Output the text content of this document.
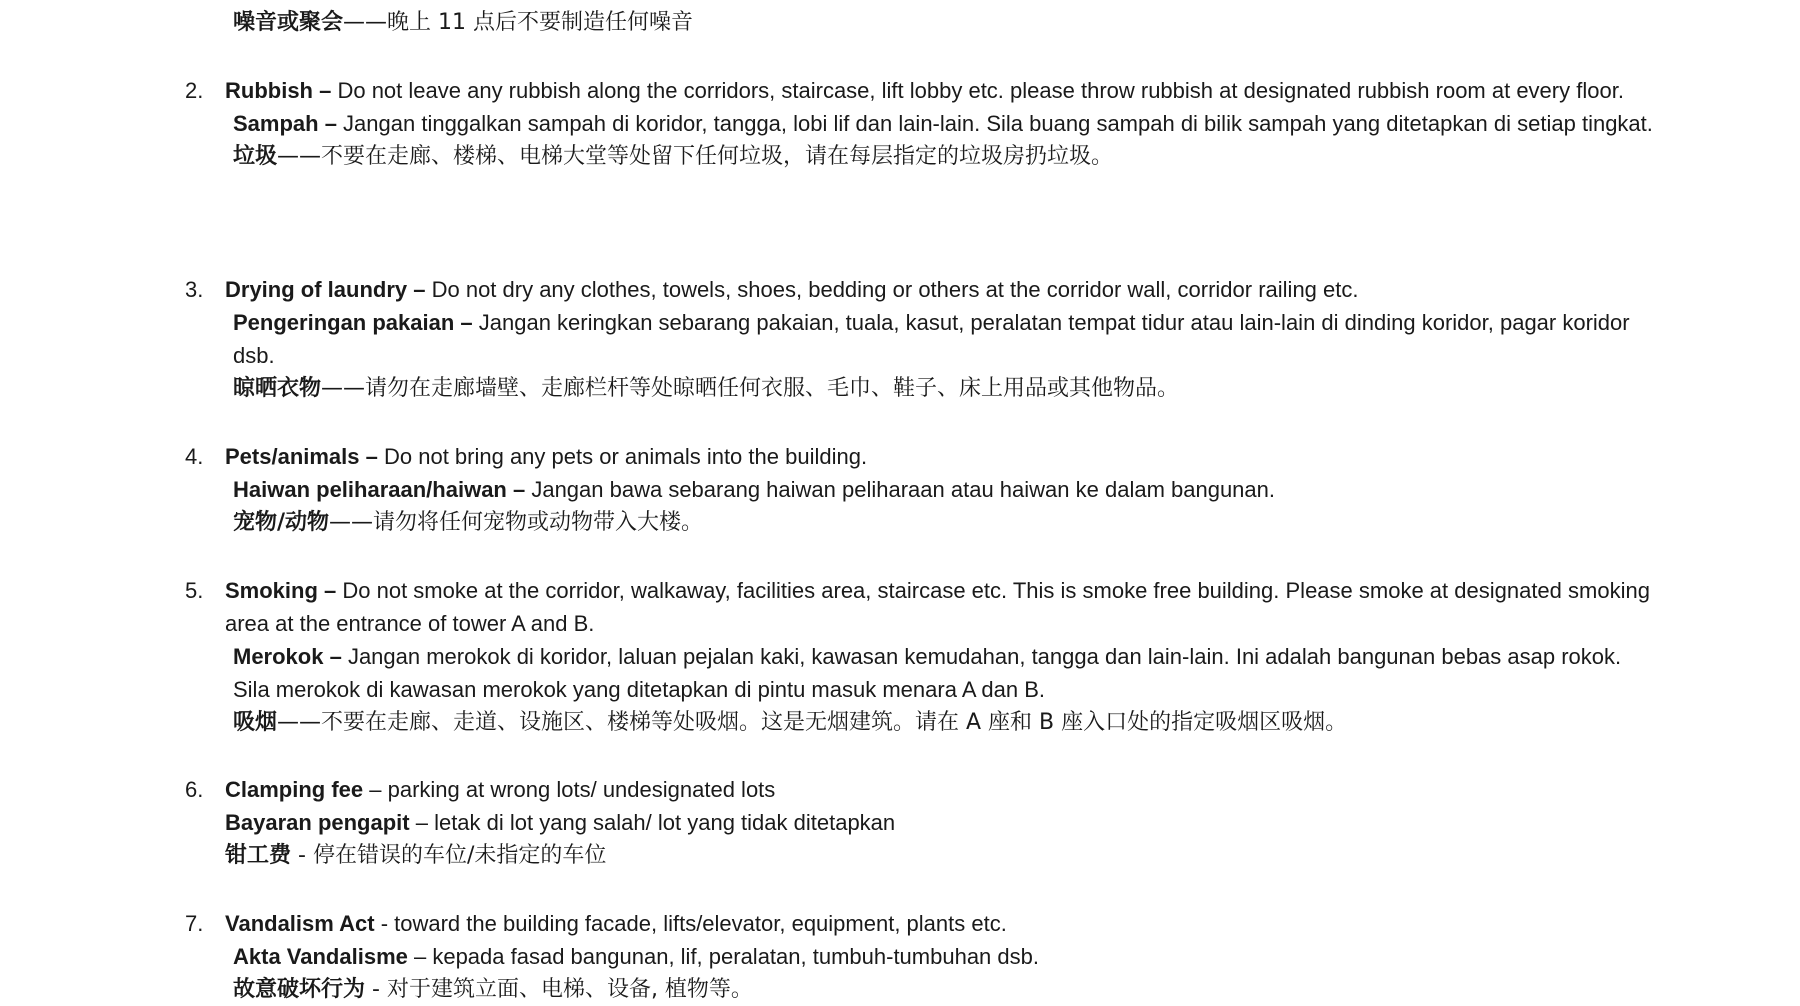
噪音或聚会——晚上 11 点后不要制造任何噪音
2. Rubbish – Do not leave any rubbish along the corridors, staircase, lift lobby etc. please throw rubbish at designated rubbish room at every floor.
Sampah – Jangan tinggalkan sampah di koridor, tangga, lobi lif dan lain-lain. Sila buang sampah di bilik sampah yang ditetapkan di setiap tingkat.
垃圾——不要在走廊、楼梯、电梯大堂等处留下任何垃圾，请在每层指定的垃圾房扔垃圾。
3. Drying of laundry – Do not dry any clothes, towels, shoes, bedding or others at the corridor wall, corridor railing etc.
Pengeringan pakaian – Jangan keringkan sebarang pakaian, tuala, kasut, peralatan tempat tidur atau lain-lain di dinding koridor, pagar koridor dsb.
晾晒衣物——请勿在走廊墙壁、走廊栏杆等处晾晒任何衣服、毛巾、鞋子、床上用品或其他物品。
4. Pets/animals – Do not bring any pets or animals into the building.
Haiwan peliharaan/haiwan – Jangan bawa sebarang haiwan peliharaan atau haiwan ke dalam bangunan.
宠物/动物——请勿将任何宠物或动物带入大楼。
5. Smoking – Do not smoke at the corridor, walkaway, facilities area, staircase etc. This is smoke free building. Please smoke at designated smoking area at the entrance of tower A and B.
Merokok – Jangan merokok di koridor, laluan pejalan kaki, kawasan kemudahan, tangga dan lain-lain. Ini adalah bangunan bebas asap rokok. Sila merokok di kawasan merokok yang ditetapkan di pintu masuk menara A dan B.
吸烟——不要在走廊、走道、设施区、楼梯等处吸烟。这是无烟建筑。请在 A 座和 B 座入口处的指定吸烟区吸烟。
6. Clamping fee – parking at wrong lots/ undesignated lots
Bayaran pengapit – letak di lot yang salah/ lot yang tidak ditetapkan
钳工费 - 停在错误的车位/未指定的车位
7. Vandalism Act - toward the building facade, lifts/elevator, equipment, plants etc.
Akta Vandalisme – kepada fasad bangunan, lif, peralatan, tumbuh-tumbuhan dsb.
故意破坏行为 - 对于建筑立面、电梯、设备, 植物等。
